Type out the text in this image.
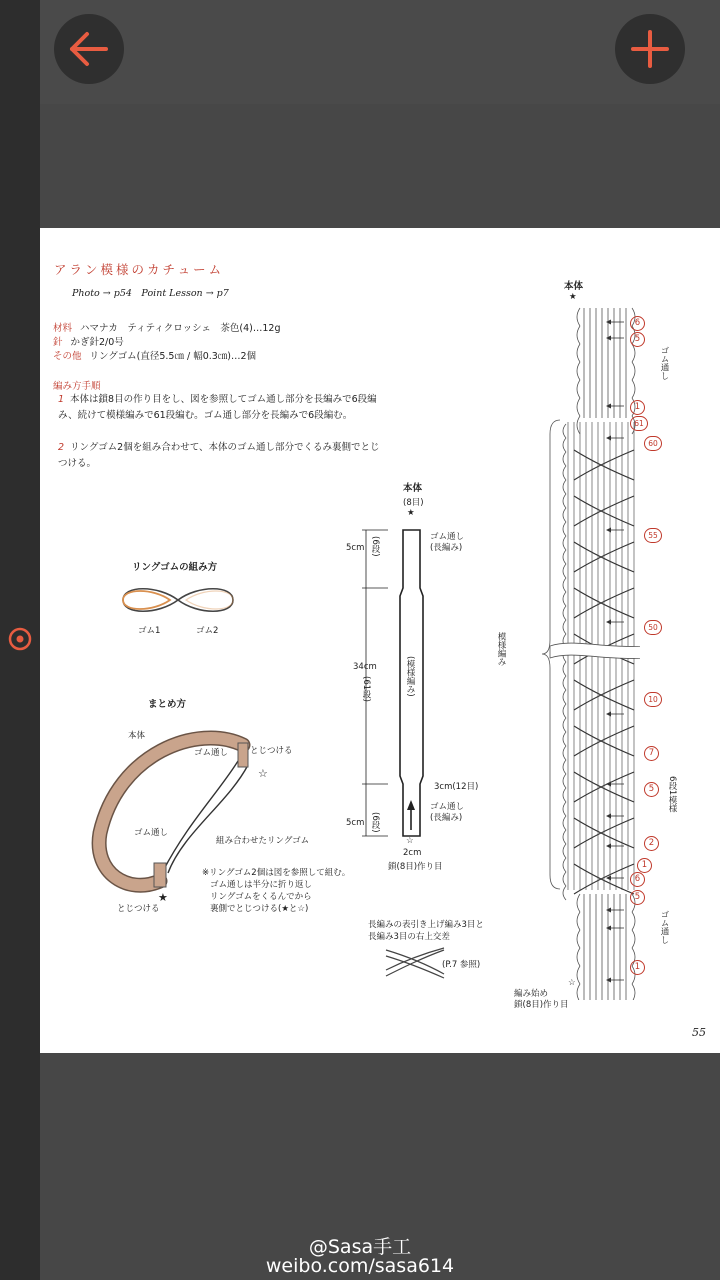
アラン模様のカチューム
Photo → p54　Point Lesson → p7
材料 ハマナカ　ティティクロッシェ　茶色(4)…12g
針 かぎ針2/0号
その他 リングゴム(直径5.5㎝ / 幅0.3㎝)…2個
編み方手順
1 本体は鎖8目の作り目をし、図を参照してゴム通し部分を長編みで6段編み、続けて模様編みで61段編む。ゴム通し部分を長編みで6段編む。
2 リングゴム2個を組み合わせて、本体のゴム通し部分でくるみ裏側でとじつける。
リングゴムの組み方
ゴム1	ゴム2
まとめ方
☆
★
本体
ゴム通し	とじつける
ゴム通し
組み合わせたリングゴム
とじつける
※リングゴム2個は図を参照して組む。
ゴム通しは半分に折り返し
リングゴムをくるんでから
裏側でとじつける(★と☆)
本体
(8目)
★
ゴム通し
(長編み)
5cm (6段)
34cm
(61段)	(模様編み)
3cm(12目)
ゴム通し
(長編み)
5cm (6段)
☆
2cm
鎖(8目)作り目
長編みの表引き上げ編み3目と
長編み3目の右上交差
(P.7 参照)
本体
★
ゴム通し
模様編み
6段1模様
ゴム通し
6
5
1
61
60
55
50
10
7
5
2
1
6
5
1
☆
編み始め
鎖(8目)作り目
55
@Sasa手工
weibo.com/sasa614
